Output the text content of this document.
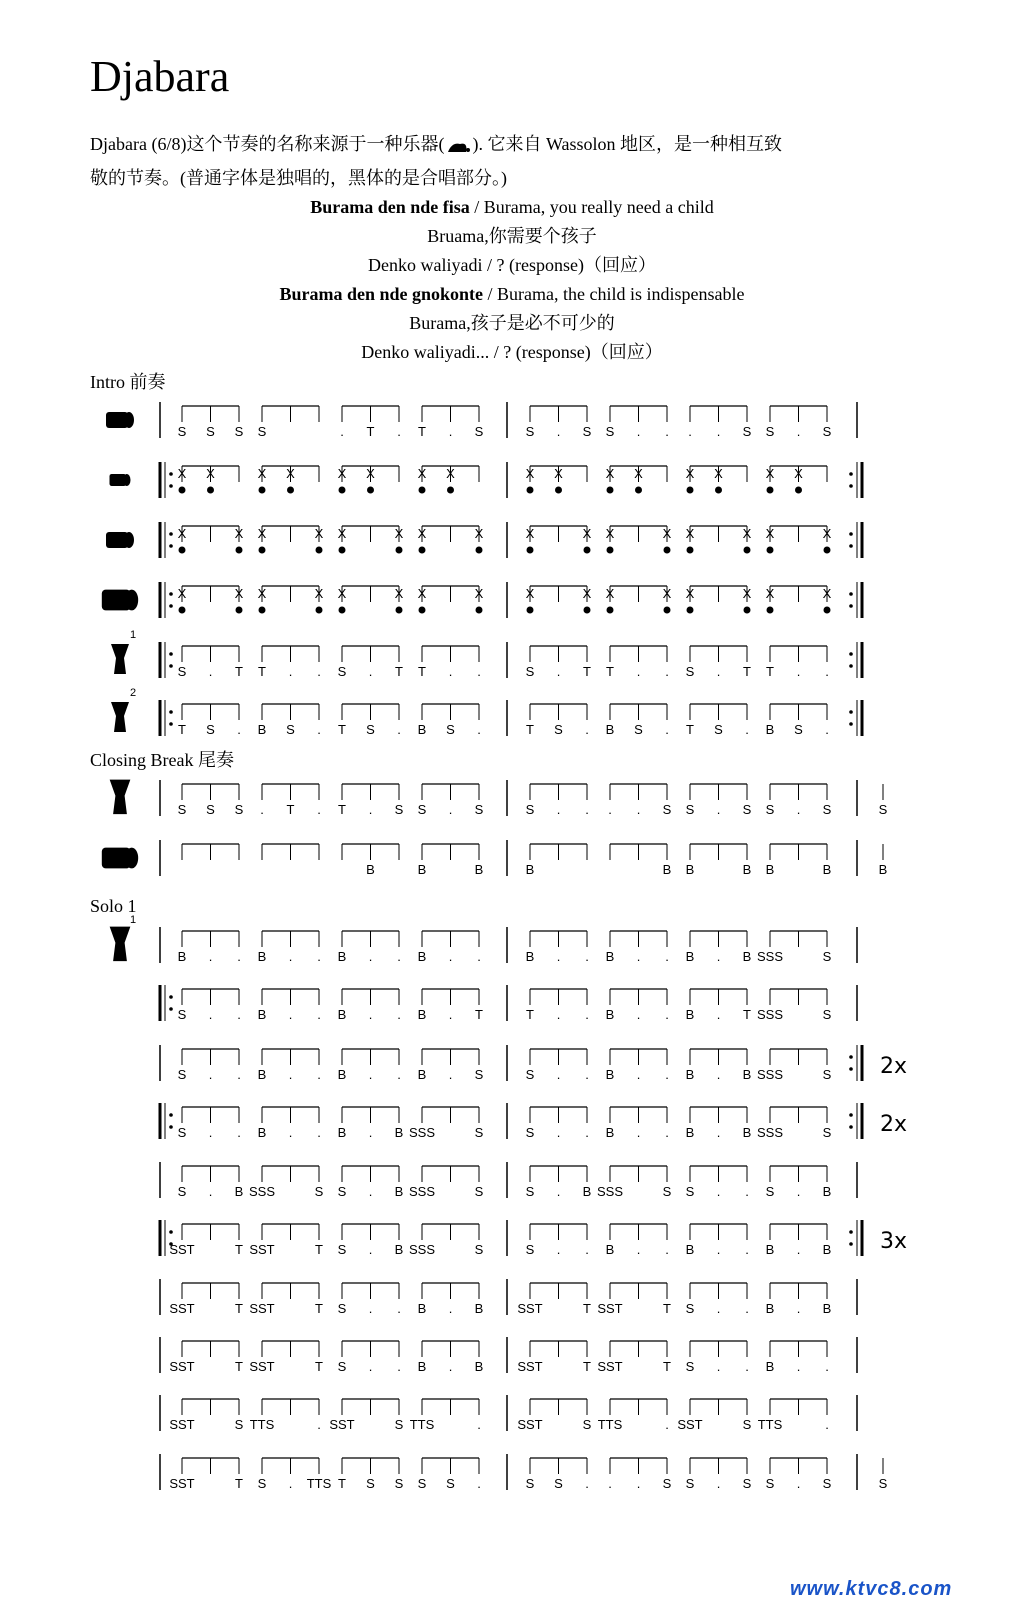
Djabara
Djabara (6/8)这个节奏的名称来源于一种乐器( ). 它来自 Wassolon 地区，是一种相互致
敬的节奏。(普通字体是独唱的，黑体的是合唱部分。)
Burama den nde fisa / Burama, you really need a child
Bruama,你需要个孩子
Denko waliyadi / ? (response)（回应）
Burama den nde gnokonte / Burama, the child is indispensable
Burama,孩子是必不可少的
Denko waliyadi... / ? (response)（回应）
Intro 前奏
Closing Break 尾奏
Solo 1
S S S S	. T . T . S	S . S S . . . . S S . S
X X	X X	X X	X X	X X	X X	X X	X X
X	X X	X X	X X	X	X	X X	X X	X X	X
X	X X	X X	X X	X	X	X X	X X	X X	X
1
S . T T . . S . T T . .	S . T T . . S . T T . .
2
T S . B S . T S . B S .	T S . B S . T S . B S .
S S S . T . T . S S . S	S . . . . S S . S S . S	S
B	B	B	B	B B	B B	B	B
1
B . . B . . B . . B . .	B . . B . . B . B SSS	S
S . . B . . B . . B . T	T . . B . . B . T SSS	S
S . . B . . B . . B . S	S . . B . . B . B SSS	S 2x
S . . B . . B . B SSS	S	S . . B . . B . B SSS	S 2x
S . B SSS	S S . B SSS	S	S . B SSS	S S . . S . B
SST	T SST	T S . B SSS	S	S . . B . . B . . B . B 3x
SST	T SST	T S . . B . B	SST	T SST	T S . . B . B
SST	T SST	T S . . B . B	SST	T SST	T S . . B . .
SST	S TTS	. SST	S TTS	.	SST	S TTS	. SST	S TTS	.
SST	T S . TTS T S S S S .	S S . . . S S . S S . S	S
www.ktvc8.com
